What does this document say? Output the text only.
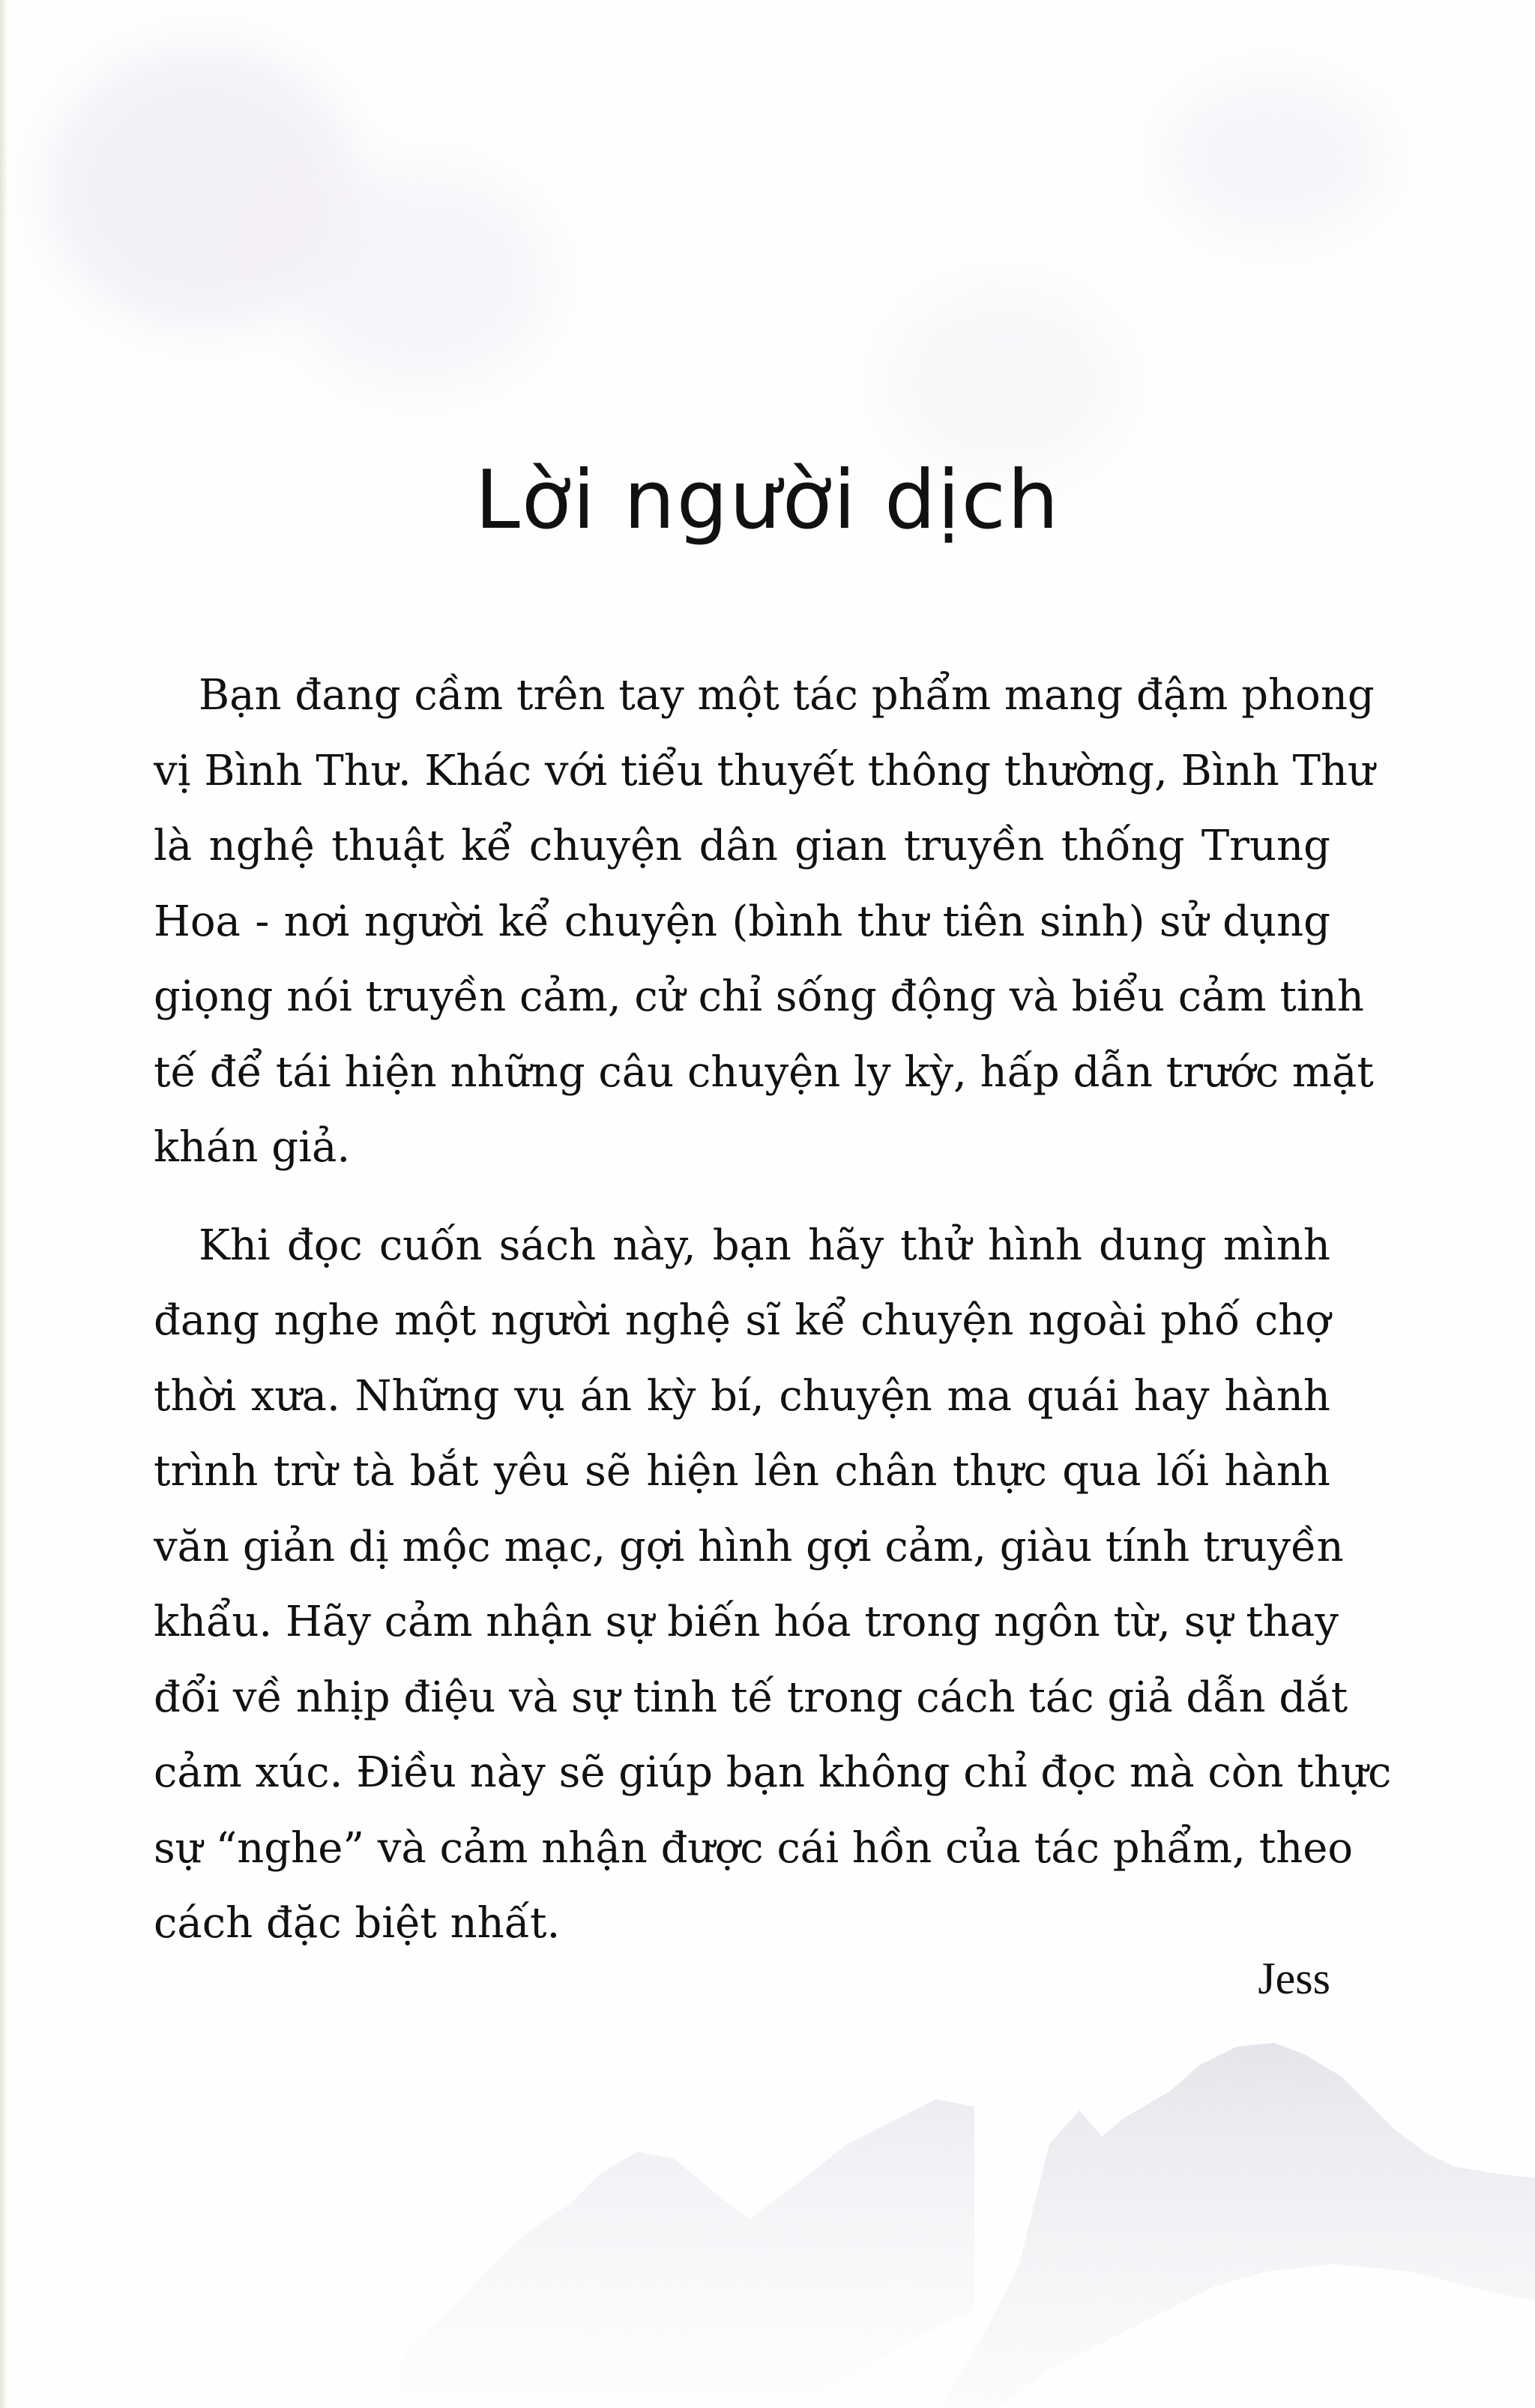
Lời người dịch

Bạn đang cầm trên tay một tác phẩm mang đậm phong
vị Bình Thư. Khác với tiểu thuyết thông thường, Bình Thư
là nghệ thuật kể chuyện dân gian truyền thống Trung
Hoa - nơi người kể chuyện (bình thư tiên sinh) sử dụng
giọng nói truyền cảm, cử chỉ sống động và biểu cảm tinh
tế để tái hiện những câu chuyện ly kỳ, hấp dẫn trước mặt
khán giả.

Khi đọc cuốn sách này, bạn hãy thử hình dung mình
đang nghe một người nghệ sĩ kể chuyện ngoài phố chợ
thời xưa. Những vụ án kỳ bí, chuyện ma quái hay hành
trình trừ tà bắt yêu sẽ hiện lên chân thực qua lối hành
văn giản dị mộc mạc, gợi hình gợi cảm, giàu tính truyền
khẩu. Hãy cảm nhận sự biến hóa trong ngôn từ, sự thay
đổi về nhịp điệu và sự tinh tế trong cách tác giả dẫn dắt
cảm xúc. Điều này sẽ giúp bạn không chỉ đọc mà còn thực
sự “nghe” và cảm nhận được cái hồn của tác phẩm, theo
cách đặc biệt nhất.

Jess
